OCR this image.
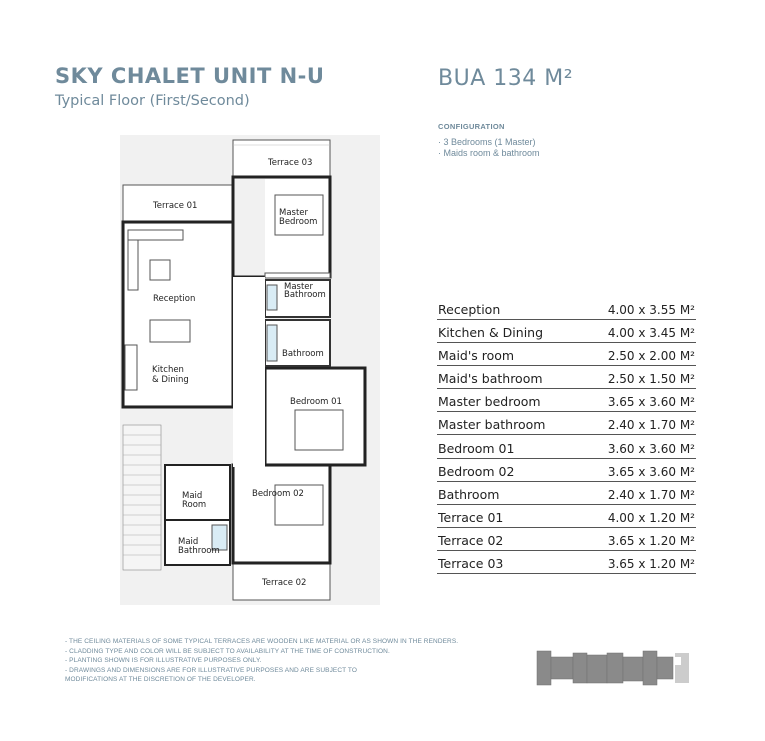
SKY CHALET UNIT N-U
Typical Floor (First/Second)
BUA 134 M²
CONFIGURATION
· 3 Bedrooms (1 Master)
· Maids room & bathroom
Terrace 03
Terrace 01
Terrace 02
Master
Bedroom
Master
Bathroom
Bathroom
Reception
Kitchen
& Dining
Bedroom 01
Bedroom 02
Maid
Room
Maid
Bathroom
Reception	4.00 x 3.55 M²
Kitchen & Dining	4.00 x 3.45 M²
Maid's room	2.50 x 2.00 M²
Maid's bathroom	2.50 x 1.50 M²
Master bedroom	3.65 x 3.60 M²
Master bathroom	2.40 x 1.70 M²
Bedroom 01	3.60 x 3.60 M²
Bedroom 02	3.65 x 3.60 M²
Bathroom	2.40 x 1.70 M²
Terrace 01	4.00 x 1.20 M²
Terrace 02	3.65 x 1.20 M²
Terrace 03	3.65 x 1.20 M²
- THE CEILING MATERIALS OF SOME TYPICAL TERRACES ARE WOODEN LIKE MATERIAL OR AS SHOWN IN THE RENDERS.
- CLADDING TYPE AND COLOR WILL BE SUBJECT TO AVAILABILITY AT THE TIME OF CONSTRUCTION.
- PLANTING SHOWN IS FOR ILLUSTRATIVE PURPOSES ONLY.
- DRAWINGS AND DIMENSIONS ARE FOR ILLUSTRATIVE PURPOSES AND ARE SUBJECT TO
MODIFICATIONS AT THE DISCRETION OF THE DEVELOPER.
